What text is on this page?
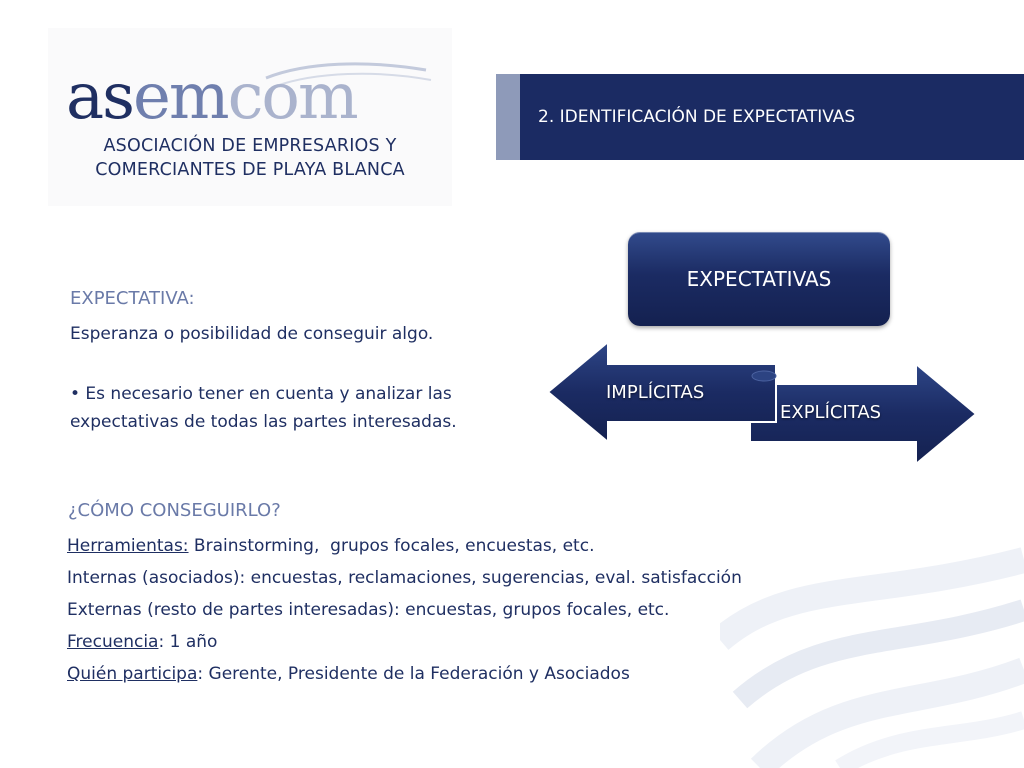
asemcom
ASOCIACIÓN DE EMPRESARIOS Y
COMERCIANTES DE PLAYA BLANCA
2. IDENTIFICACIÓN DE EXPECTATIVAS
EXPECTATIVA:
Esperanza o posibilidad de conseguir algo.
• Es necesario tener en cuenta y analizar las
expectativas de todas las partes interesadas.
EXPECTATIVAS
IMPLÍCITAS
EXPLÍCITAS
¿CÓMO CONSEGUIRLO?
Herramientas: Brainstorming,  grupos focales, encuestas, etc.
Internas (asociados): encuestas, reclamaciones, sugerencias, eval. satisfacción
Externas (resto de partes interesadas): encuestas, grupos focales, etc.
Frecuencia: 1 año
Quién participa: Gerente, Presidente de la Federación y Asociados
